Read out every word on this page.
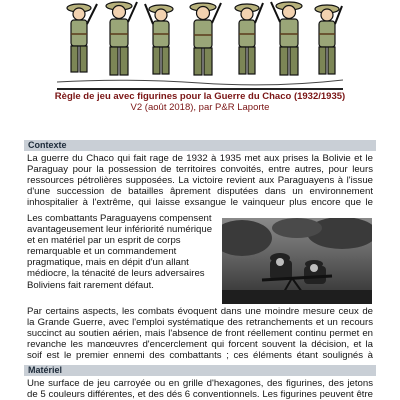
Règle de jeu avec figurines pour la Guerre du Chaco (1932/1935)
V2 (août 2018), par P&R Laporte
Contexte
La guerre du Chaco qui fait rage de 1932 à 1935 met aux prises la Bolivie et le Paraguay pour la possession de territoires convoités, entre autres, pour leurs ressources pétrolières supposées. La victoire revient aux Paraguayens à l'issue d'une succession de batailles âprement disputées dans un environnement inhospitalier à l'extrême, qui laisse exsangue le vainqueur plus encore que le
Les combattants Paraguayens compensent avantageusement leur infériorité numérique et en matériel par un esprit de corps remarquable et un commandement pragmatique, mais en dépit d'un allant médiocre, la ténacité de leurs adversaires Boliviens fait rarement défaut.
Par certains aspects, les combats évoquent dans une moindre mesure ceux de la Grande Guerre, avec l'emploi systématique des retranchements et un recours succinct au soutien aérien, mais l'absence de front réellement continu permet en revanche les manœuvres d'encerclement qui forcent souvent la décision, et la soif est le premier ennemi des combattants ; ces éléments étant soulignés à
Matériel
Une surface de jeu carroyée ou en grille d'hexagones, des figurines, des jetons de 5 couleurs différentes, et des dés 6 conventionnels. Les figurines peuvent être
